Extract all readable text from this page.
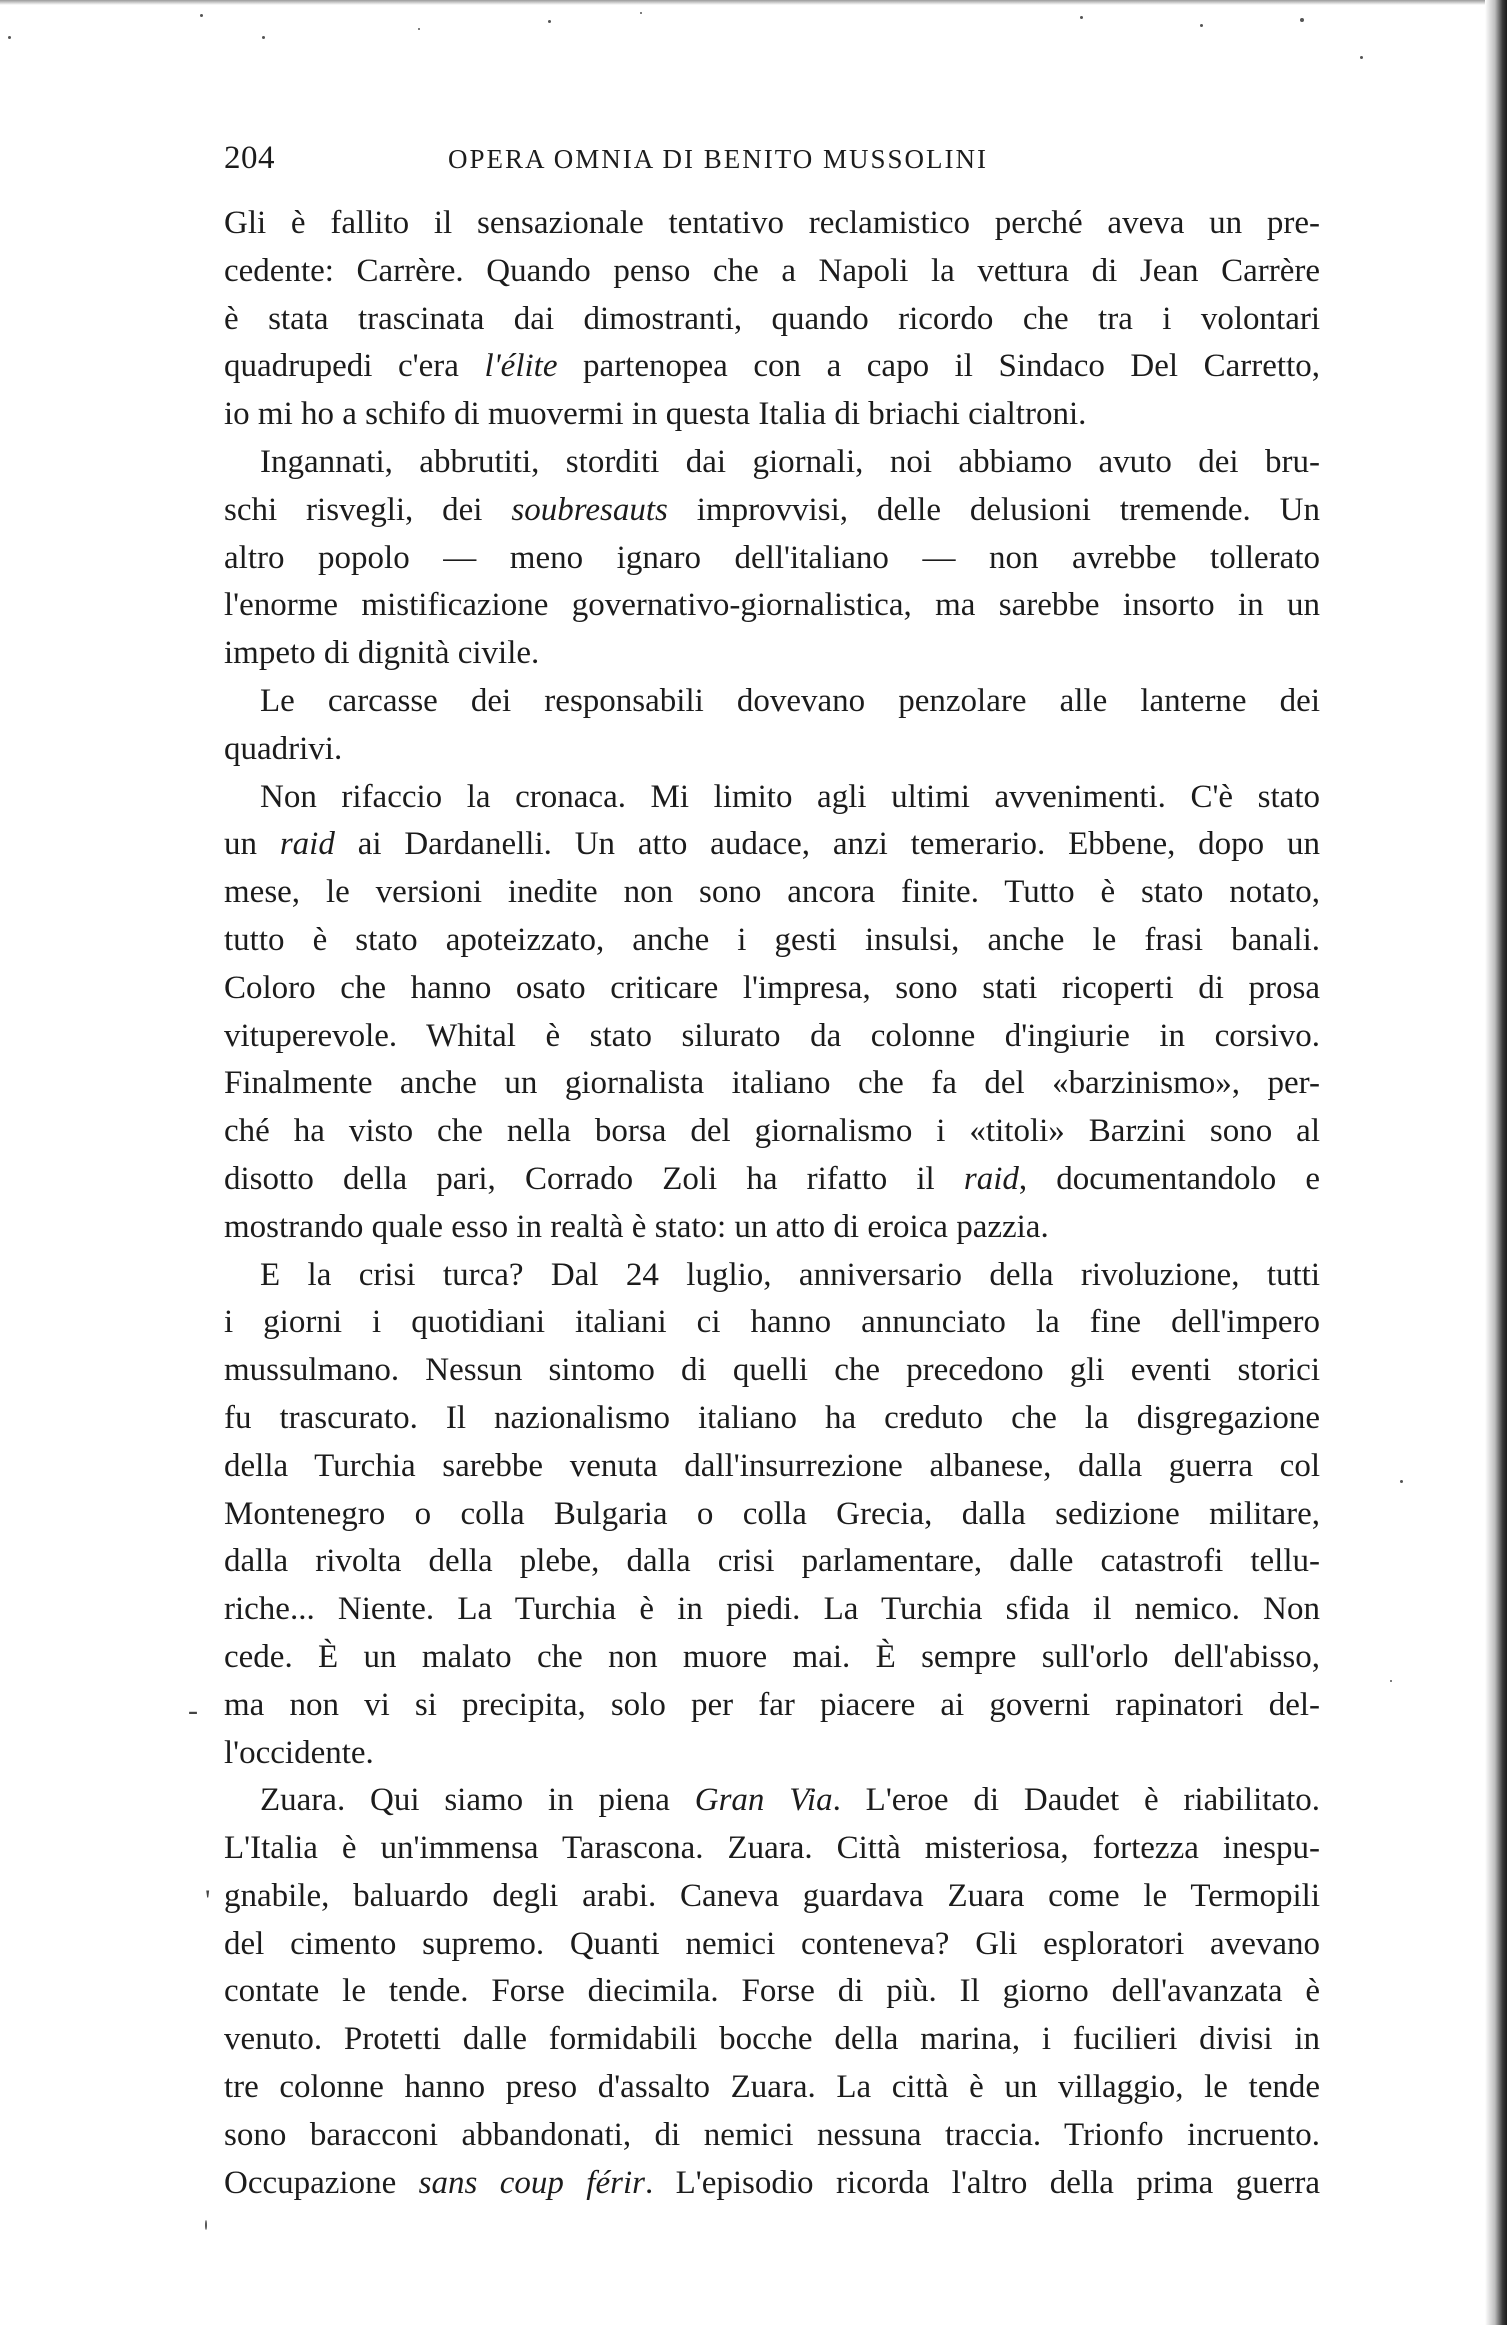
-
'
204	OPERA OMNIA DI BENITO MUSSOLINI
Gli è fallito il sensazionale tentativo reclamistico perché aveva un pre-
cedente: Carrère. Quando penso che a Napoli la vettura di Jean Carrère
è stata trascinata dai dimostranti, quando ricordo che tra i volontari
quadrupedi c'era l'élite partenopea con a capo il Sindaco Del Carretto,
io mi ho a schifo di muovermi in questa Italia di briachi cialtroni.
Ingannati, abbrutiti, storditi dai giornali, noi abbiamo avuto dei bru-
schi risvegli, dei soubresauts improvvisi, delle delusioni tremende. Un
altro popolo — meno ignaro dell'italiano — non avrebbe tollerato
l'enorme mistificazione governativo-giornalistica, ma sarebbe insorto in un
impeto di dignità civile.
Le carcasse dei responsabili dovevano penzolare alle lanterne dei
quadrivi.
Non rifaccio la cronaca. Mi limito agli ultimi avvenimenti. C'è stato
un raid ai Dardanelli. Un atto audace, anzi temerario. Ebbene, dopo un
mese, le versioni inedite non sono ancora finite. Tutto è stato notato,
tutto è stato apoteizzato, anche i gesti insulsi, anche le frasi banali.
Coloro che hanno osato criticare l'impresa, sono stati ricoperti di prosa
vituperevole. Whital è stato silurato da colonne d'ingiurie in corsivo.
Finalmente anche un giornalista italiano che fa del «barzinismo», per-
ché ha visto che nella borsa del giornalismo i «titoli» Barzini sono al
disotto della pari, Corrado Zoli ha rifatto il raid, documentandolo e
mostrando quale esso in realtà è stato: un atto di eroica pazzia.
E la crisi turca? Dal 24 luglio, anniversario della rivoluzione, tutti
i giorni i quotidiani italiani ci hanno annunciato la fine dell'impero
mussulmano. Nessun sintomo di quelli che precedono gli eventi storici
fu trascurato. Il nazionalismo italiano ha creduto che la disgregazione
della Turchia sarebbe venuta dall'insurrezione albanese, dalla guerra col
Montenegro o colla Bulgaria o colla Grecia, dalla sedizione militare,
dalla rivolta della plebe, dalla crisi parlamentare, dalle catastrofi tellu-
riche... Niente. La Turchia è in piedi. La Turchia sfida il nemico. Non
cede. È un malato che non muore mai. È sempre sull'orlo dell'abisso,
ma non vi si precipita, solo per far piacere ai governi rapinatori del-
l'occidente.
Zuara. Qui siamo in piena Gran Via. L'eroe di Daudet è riabilitato.
L'Italia è un'immensa Tarascona. Zuara. Città misteriosa, fortezza inespu-
gnabile, baluardo degli arabi. Caneva guardava Zuara come le Termopili
del cimento supremo. Quanti nemici conteneva? Gli esploratori avevano
contate le tende. Forse diecimila. Forse di più. Il giorno dell'avanzata è
venuto. Protetti dalle formidabili bocche della marina, i fucilieri divisi in
tre colonne hanno preso d'assalto Zuara. La città è un villaggio, le tende
sono baracconi abbandonati, di nemici nessuna traccia. Trionfo incruento.
Occupazione sans coup férir. L'episodio ricorda l'altro della prima guerra
